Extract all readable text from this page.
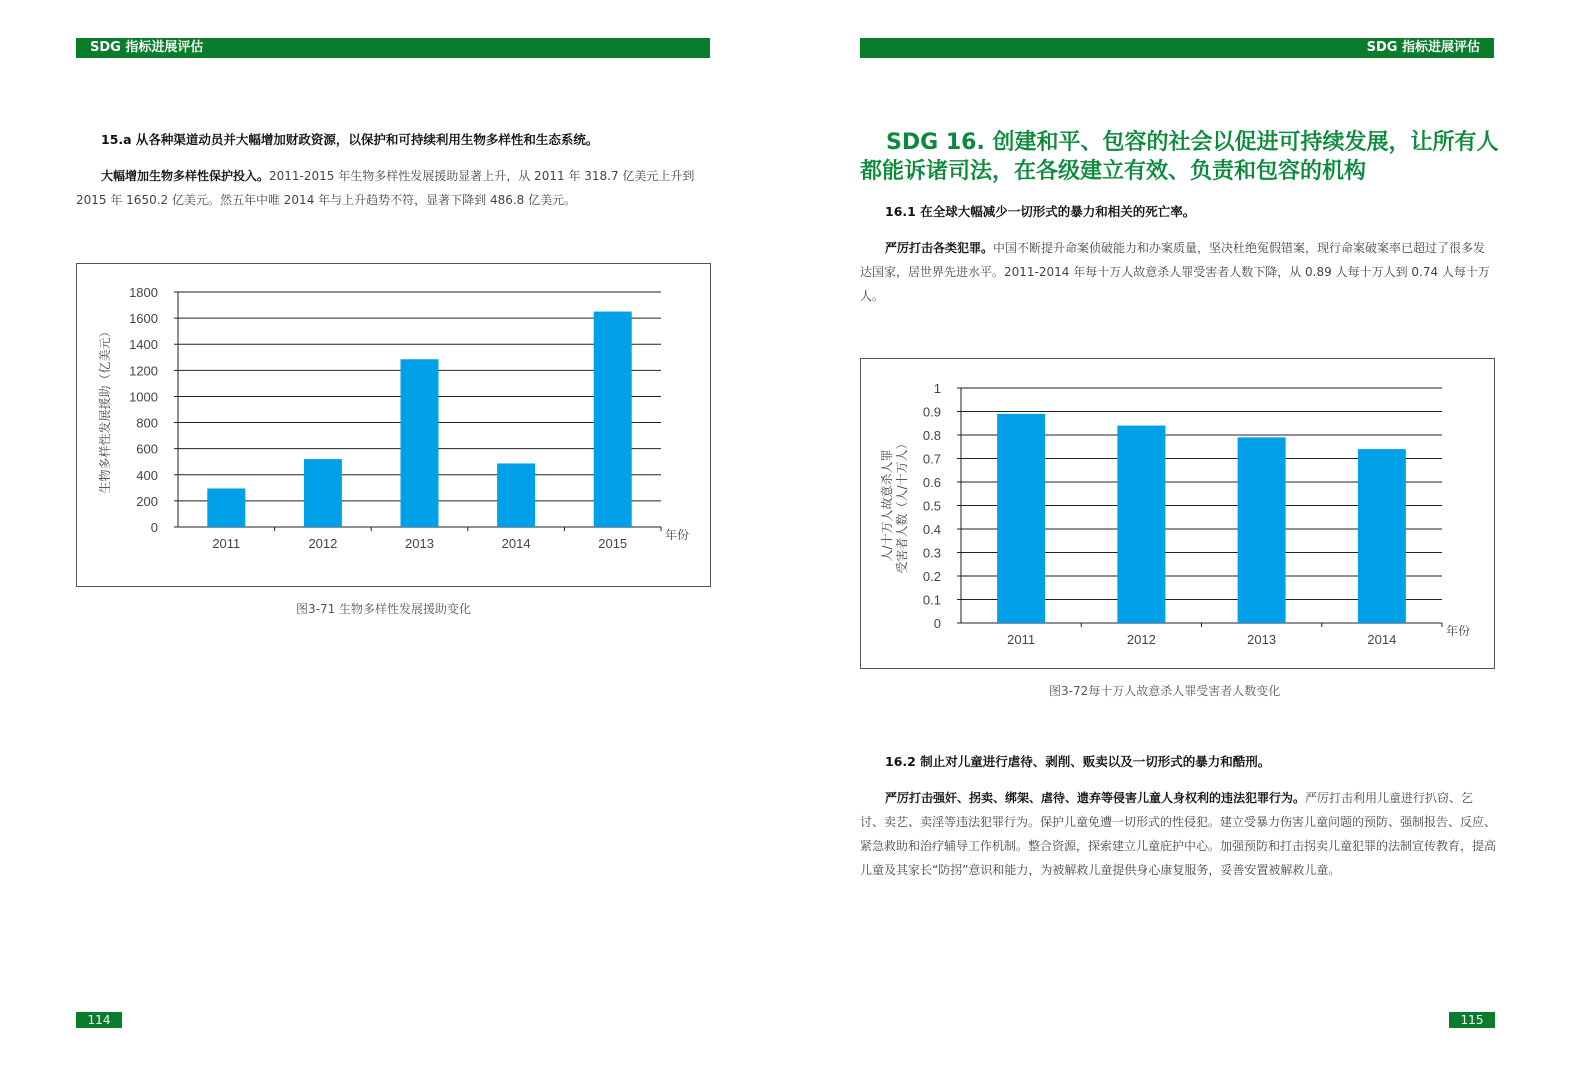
SDG 指标进展评估	SDG 指标进展评估
15.a 从各种渠道动员并大幅增加财政资源，以保护和可持续利用生物多样性和生态系统。
大幅增加生物多样性保护投入。2011-2015 年生物多样性发展援助显著上升，从 2011 年 318.7 亿美元上升到 2015 年 1650.2 亿美元。然五年中唯 2014 年与上升趋势不符，显著下降到 486.8 亿美元。
0
200
400
600
800
1000
1200
1400
1600
1800
2011	2012	2013	2014	2015
年份
生物多样性发展援助（亿美元）
图3-71 生物多样性发展援助变化
SDG 16. 创建和平、包容的社会以促进可持续发展，让所有人都能诉诸司法，在各级建立有效、负责和包容的机构
16.1 在全球大幅减少一切形式的暴力和相关的死亡率。
严厉打击各类犯罪。中国不断提升命案侦破能力和办案质量，坚决杜绝冤假错案，现行命案破案率已超过了很多发达国家，居世界先进水平。2011-2014 年每十万人故意杀人罪受害者人数下降，从 0.89 人每十万人到 0.74 人每十万人。
0
0.1
0.2
0.3
0.4
0.5
0.6
0.7
0.8
0.9
1
2011	2012	2013	2014
年份
人/十万人故意杀人罪 受害者人数（人/十万人）
图3-72每十万人故意杀人罪受害者人数变化
16.2 制止对儿童进行虐待、剥削、贩卖以及一切形式的暴力和酷刑。
严厉打击强奸、拐卖、绑架、虐待、遗弃等侵害儿童人身权利的违法犯罪行为。严厉打击利用儿童进行扒窃、乞讨、卖艺、卖淫等违法犯罪行为。保护儿童免遭一切形式的性侵犯。建立受暴力伤害儿童问题的预防、强制报告、反应、紧急救助和治疗辅导工作机制。整合资源，探索建立儿童庇护中心。加强预防和打击拐卖儿童犯罪的法制宣传教育，提高儿童及其家长“防拐”意识和能力，为被解救儿童提供身心康复服务，妥善安置被解救儿童。
114	115
